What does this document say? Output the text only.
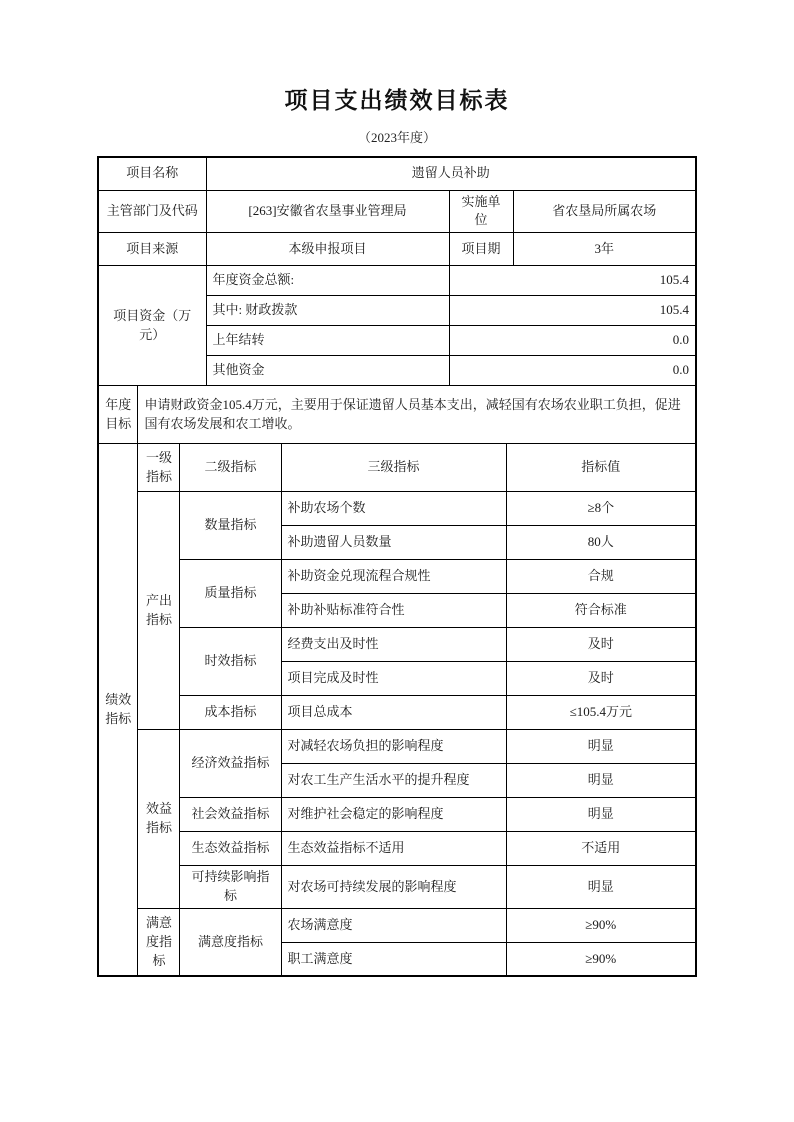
项目支出绩效目标表
（2023年度）
项目名称			遗留人员补助				
主管部门及代码			[263]安徽省农垦事业管理局		实施单位		省农垦局所属农场
项目来源			本级申报项目		项目期		3年
项目资金（万元）			年度资金总额:		105.4		
			其中: 财政拨款		105.4		
			上年结转		0.0		
			其他资金		0.0		
年度目标	申请财政资金105.4万元，主要用于保证遗留人员基本支出，减轻国有农场农业职工负担，促进国有农场发展和农工增收。						
绩效指标	一级指标	二级指标		三级指标		指标值	
	产出指标	数量指标		补助农场个数		≥8个	
				补助遗留人员数量		80人	
		质量指标		补助资金兑现流程合规性		合规	
				补助补贴标准符合性		符合标准	
		时效指标		经费支出及时性		及时	
				项目完成及时性		及时	
		成本指标		项目总成本		≤105.4万元	
	效益指标	经济效益指标		对减轻农场负担的影响程度		明显	
				对农工生产生活水平的提升程度		明显	
		社会效益指标		对维护社会稳定的影响程度		明显	
		生态效益指标		生态效益指标不适用		不适用	
		可持续影响指标		对农场可持续发展的影响程度		明显	
	满意度指标	满意度指标		农场满意度		≥90%	
				职工满意度		≥90%	
